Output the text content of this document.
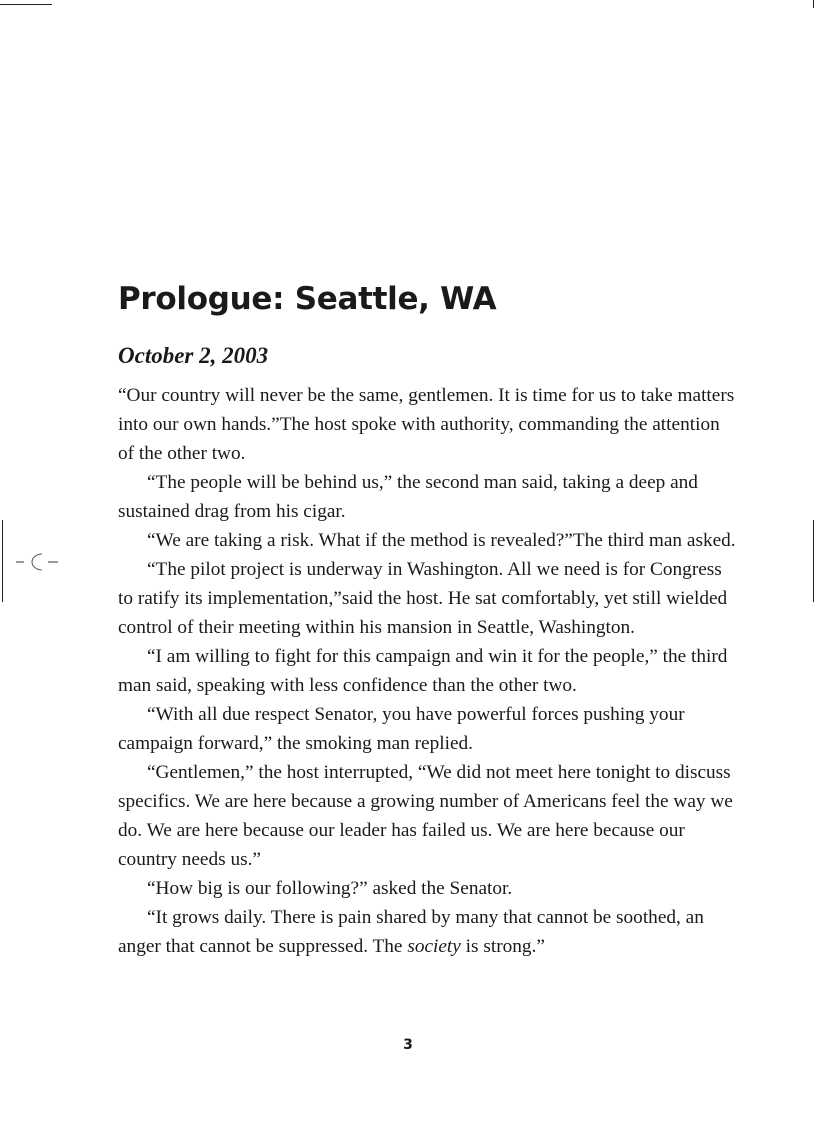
Prologue: Seattle, WA
October 2, 2003

“Our country will never be the same, gentlemen. It is time for us to take matters into our own hands.”The host spoke with authority, commanding the attention of the other two.

“The people will be behind us,” the second man said, taking a deep and sustained drag from his cigar.

“We are taking a risk. What if the method is revealed?”The third man asked.

“The pilot project is underway in Washington. All we need is for Congress to ratify its implementation,”said the host. He sat comfortably, yet still wielded control of their meeting within his mansion in Seattle, Washington.

“I am willing to fight for this campaign and win it for the people,” the third man said, speaking with less confidence than the other two.

“With all due respect Senator, you have powerful forces pushing your campaign forward,” the smoking man replied.

“Gentlemen,” the host interrupted, “We did not meet here tonight to discuss specifics. We are here because a growing number of Americans feel the way we do. We are here because our leader has failed us. We are here because our country needs us.”

“How big is our following?” asked the Senator.

“It grows daily. There is pain shared by many that cannot be soothed, an anger that cannot be suppressed. The society is strong.”

3
